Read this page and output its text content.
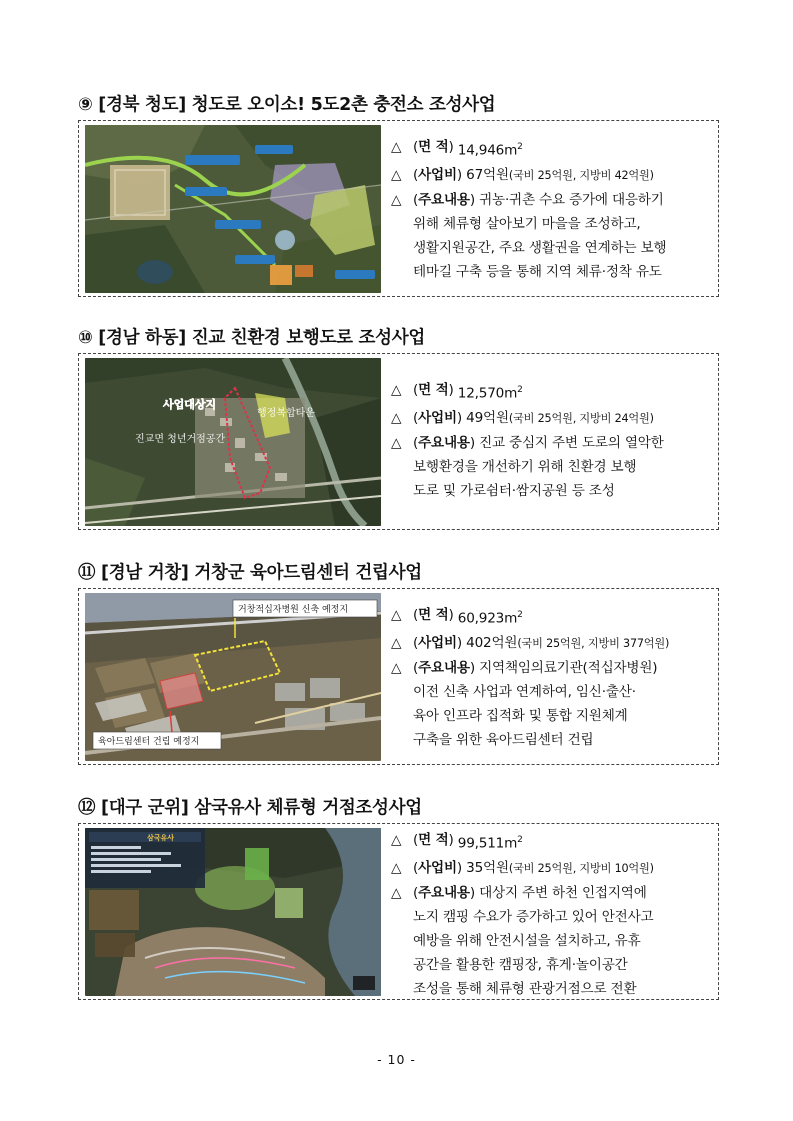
⑨ [경북 청도] 청도로 오이소! 5도2촌 충전소 조성사업
△ (면 적) $14,946m^2$
△ (사업비) 67억원(국비 25억원, 지방비 42억원)
△ (주요내용) 귀농·귀촌 수요 증가에 대응하기
위해 체류형 살아보기 마을을 조성하고,
생활지원공간, 주요 생활권을 연계하는 보행
테마길 구축 등을 통해 지역 체류·정착 유도
⑩ [경남 하동] 진교 친환경 보행도로 조성사업
사업대상지
행정복합타운
진교면 청년거점공간
△ (면 적) $12,570m^2$
△ (사업비) 49억원(국비 25억원, 지방비 24억원)
△ (주요내용) 진교 중심지 주변 도로의 열악한
보행환경을 개선하기 위해 친환경 보행
도로 및 가로쉼터·쌈지공원 등 조성
⑪ [경남 거창] 거창군 육아드림센터 건립사업
거창적십자병원 신축 예정지
육아드림센터 건립 예정지
△ (면 적) $60,923m^2$
△ (사업비) 402억원(국비 25억원, 지방비 377억원)
△ (주요내용) 지역책임의료기관(적십자병원)
이전 신축 사업과 연계하여, 임신·출산·
육아 인프라 집적화 및 통합 지원체계
구축을 위한 육아드림센터 건립
⑫ [대구 군위] 삼국유사 체류형 거점조성사업
삼국유사	△ (면 적) $99,511m^2$
△ (사업비) 35억원(국비 25억원, 지방비 10억원)
△ (주요내용) 대상지 주변 하천 인접지역에
노지 캠핑 수요가 증가하고 있어 안전사고
예방을 위해 안전시설을 설치하고, 유휴
공간을 활용한 캠핑장, 휴게·놀이공간
조성을 통해 체류형 관광거점으로 전환
- 10 -
